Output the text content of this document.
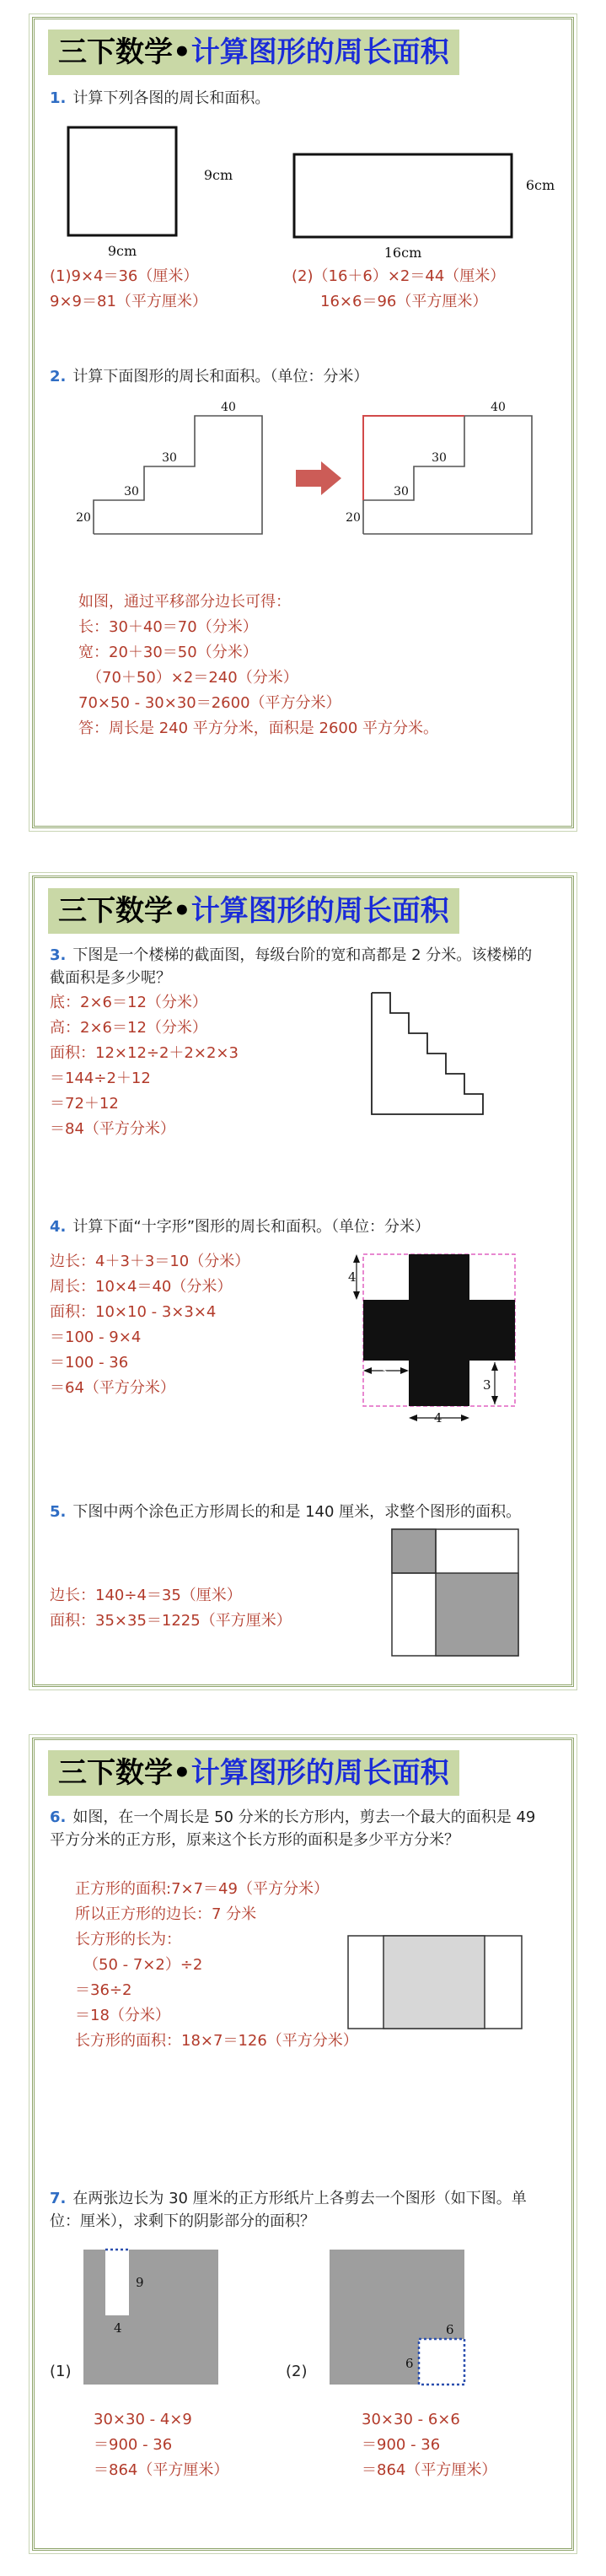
三下数学•计算图形的周长面积
1. 计算下列各图的周长和面积。
9cm
9cm
6cm
16cm
(1)9×4＝36（厘米）
9×9＝81（平方厘米）
(2)（16＋6）×2＝44（厘米）
16×6＝96（平方厘米）
2. 计算下面图形的周长和面积。（单位：分米）
40
30
30
20
40
30
30
20
如图，通过平移部分边长可得：
长：30＋40＝70（分米）
宽：20＋30＝50（分米）
（70＋50）×2＝240（分米）
70×50 - 30×30＝2600（平方分米）
答：周长是 240 平方分米，面积是 2600 平方分米。
三下数学•计算图形的周长面积
3. 下图是一个楼梯的截面图，每级台阶的宽和高都是 2 分米。该楼梯的截面积是多少呢？
底：2×6＝12（分米）
高：2×6＝12（分米）
面积：12×12÷2＋2×2×3
＝144÷2＋12
＝72＋12
＝84（平方分米）
4. 计算下面“十字形”图形的周长和面积。（单位：分米）
边长：4＋3＋3＝10（分米）
周长：10×4＝40（分米）
面积：10×10 - 3×3×4
＝100 - 9×4
＝100 - 36
＝64（平方分米）
4
3
3
4
5. 下图中两个涂色正方形周长的和是 140 厘米，求整个图形的面积。
边长：140÷4＝35（厘米）
面积：35×35＝1225（平方厘米）
三下数学•计算图形的周长面积
6. 如图，在一个周长是 50 分米的长方形内，剪去一个最大的面积是 49 平方分米的正方形，原来这个长方形的面积是多少平方分米？
正方形的面积:7×7＝49（平方分米）
所以正方形的边长：7 分米
长方形的长为：
（50 - 7×2）÷2
＝36÷2
＝18（分米）
长方形的面积：18×7＝126（平方分米）
7. 在两张边长为 30 厘米的正方形纸片上各剪去一个图形（如下图。单位：厘米），求剩下的阴影部分的面积？
9
4
(1)
6
6
(2)
30×30 - 4×9
＝900 - 36
＝864（平方厘米）
30×30 - 6×6
＝900 - 36
＝864（平方厘米）
